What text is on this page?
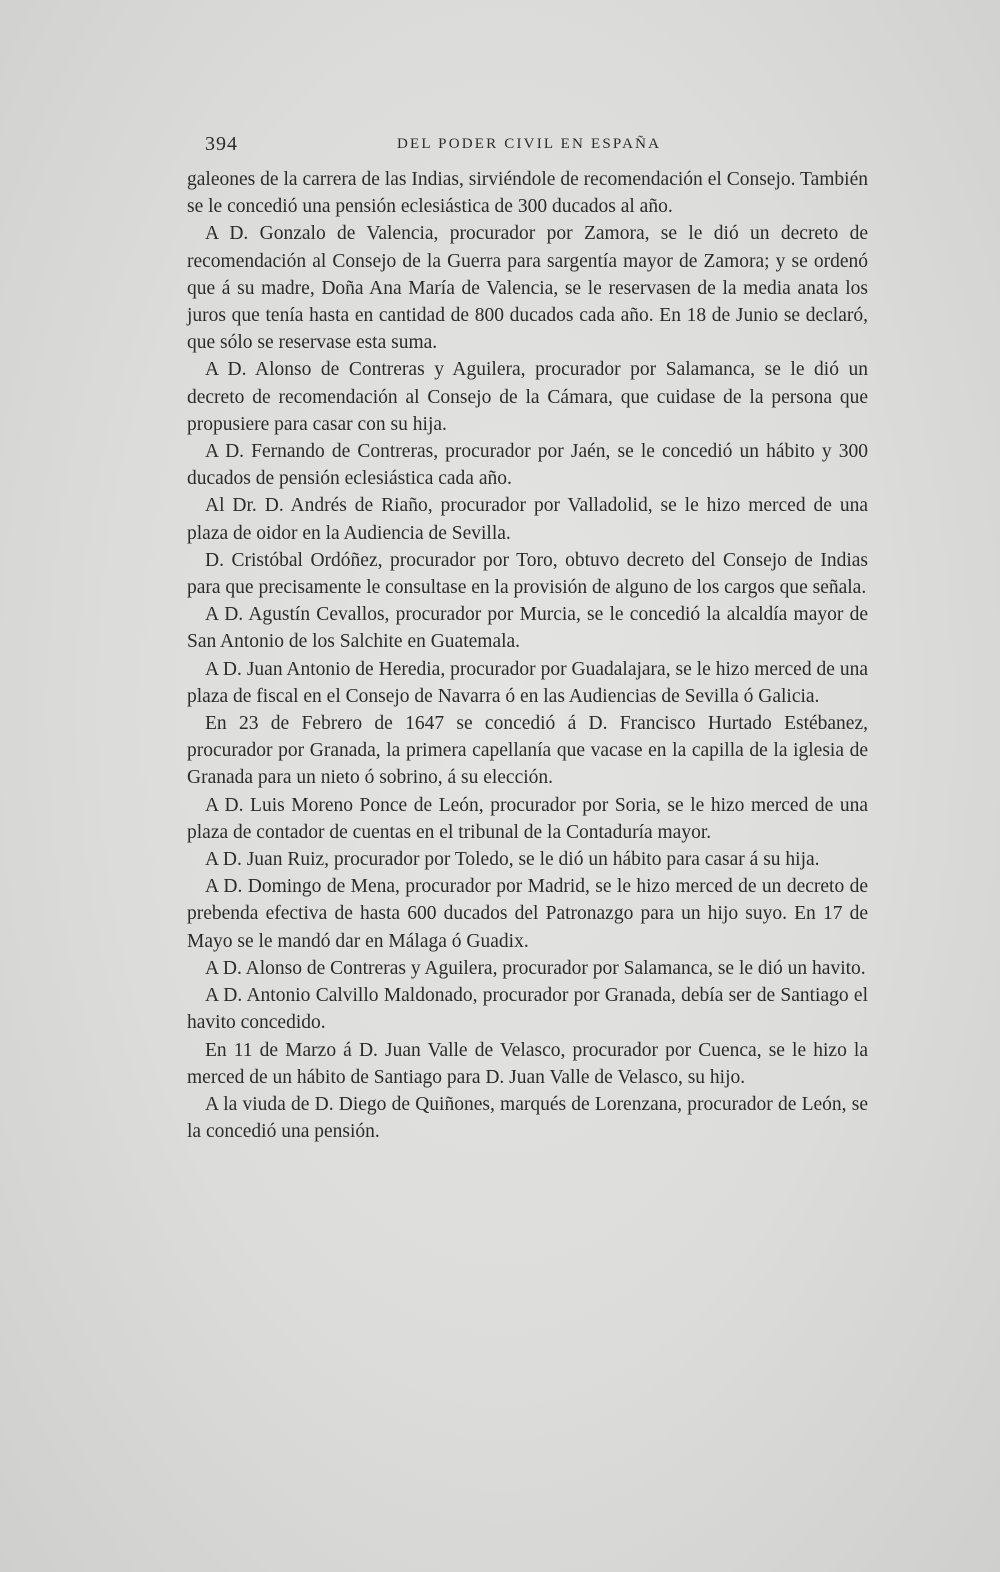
394	DEL PODER CIVIL EN ESPAÑA

galeones de la carrera de las Indias, sirviéndole de recomendación el Consejo. También se le concedió una pensión eclesiástica de 300 ducados al año.

A D. Gonzalo de Valencia, procurador por Zamora, se le dió un decreto de recomendación al Consejo de la Guerra para sargentía mayor de Zamora; y se ordenó que á su madre, Doña Ana María de Valencia, se le reservasen de la media anata los juros que tenía hasta en cantidad de 800 ducados cada año. En 18 de Junio se declaró, que sólo se reservase esta suma.

A D. Alonso de Contreras y Aguilera, procurador por Salamanca, se le dió un decreto de recomendación al Consejo de la Cámara, que cuidase de la persona que propusiere para casar con su hija.

A D. Fernando de Contreras, procurador por Jaén, se le concedió un hábito y 300 ducados de pensión eclesiástica cada año.

Al Dr. D. Andrés de Riaño, procurador por Valladolid, se le hizo merced de una plaza de oidor en la Audiencia de Sevilla.

D. Cristóbal Ordóñez, procurador por Toro, obtuvo decreto del Consejo de Indias para que precisamente le consultase en la provisión de alguno de los cargos que señala.

A D. Agustín Cevallos, procurador por Murcia, se le concedió la alcaldía mayor de San Antonio de los Salchite en Guatemala.

A D. Juan Antonio de Heredia, procurador por Guadalajara, se le hizo merced de una plaza de fiscal en el Consejo de Navarra ó en las Audiencias de Sevilla ó Galicia.

En 23 de Febrero de 1647 se concedió á D. Francisco Hurtado Estébanez, procurador por Granada, la primera capellanía que vacase en la capilla de la iglesia de Granada para un nieto ó sobrino, á su elección.

A D. Luis Moreno Ponce de León, procurador por Soria, se le hizo merced de una plaza de contador de cuentas en el tribunal de la Contaduría mayor.

A D. Juan Ruiz, procurador por Toledo, se le dió un hábito para casar á su hija.

A D. Domingo de Mena, procurador por Madrid, se le hizo merced de un decreto de prebenda efectiva de hasta 600 ducados del Patronazgo para un hijo suyo. En 17 de Mayo se le mandó dar en Málaga ó Guadix.

A D. Alonso de Contreras y Aguilera, procurador por Salamanca, se le dió un havito.

A D. Antonio Calvillo Maldonado, procurador por Granada, debía ser de Santiago el havito concedido.

En 11 de Marzo á D. Juan Valle de Velasco, procurador por Cuenca, se le hizo la merced de un hábito de Santiago para D. Juan Valle de Velasco, su hijo.

A la viuda de D. Diego de Quiñones, marqués de Lorenzana, procurador de León, se la concedió una pensión.
